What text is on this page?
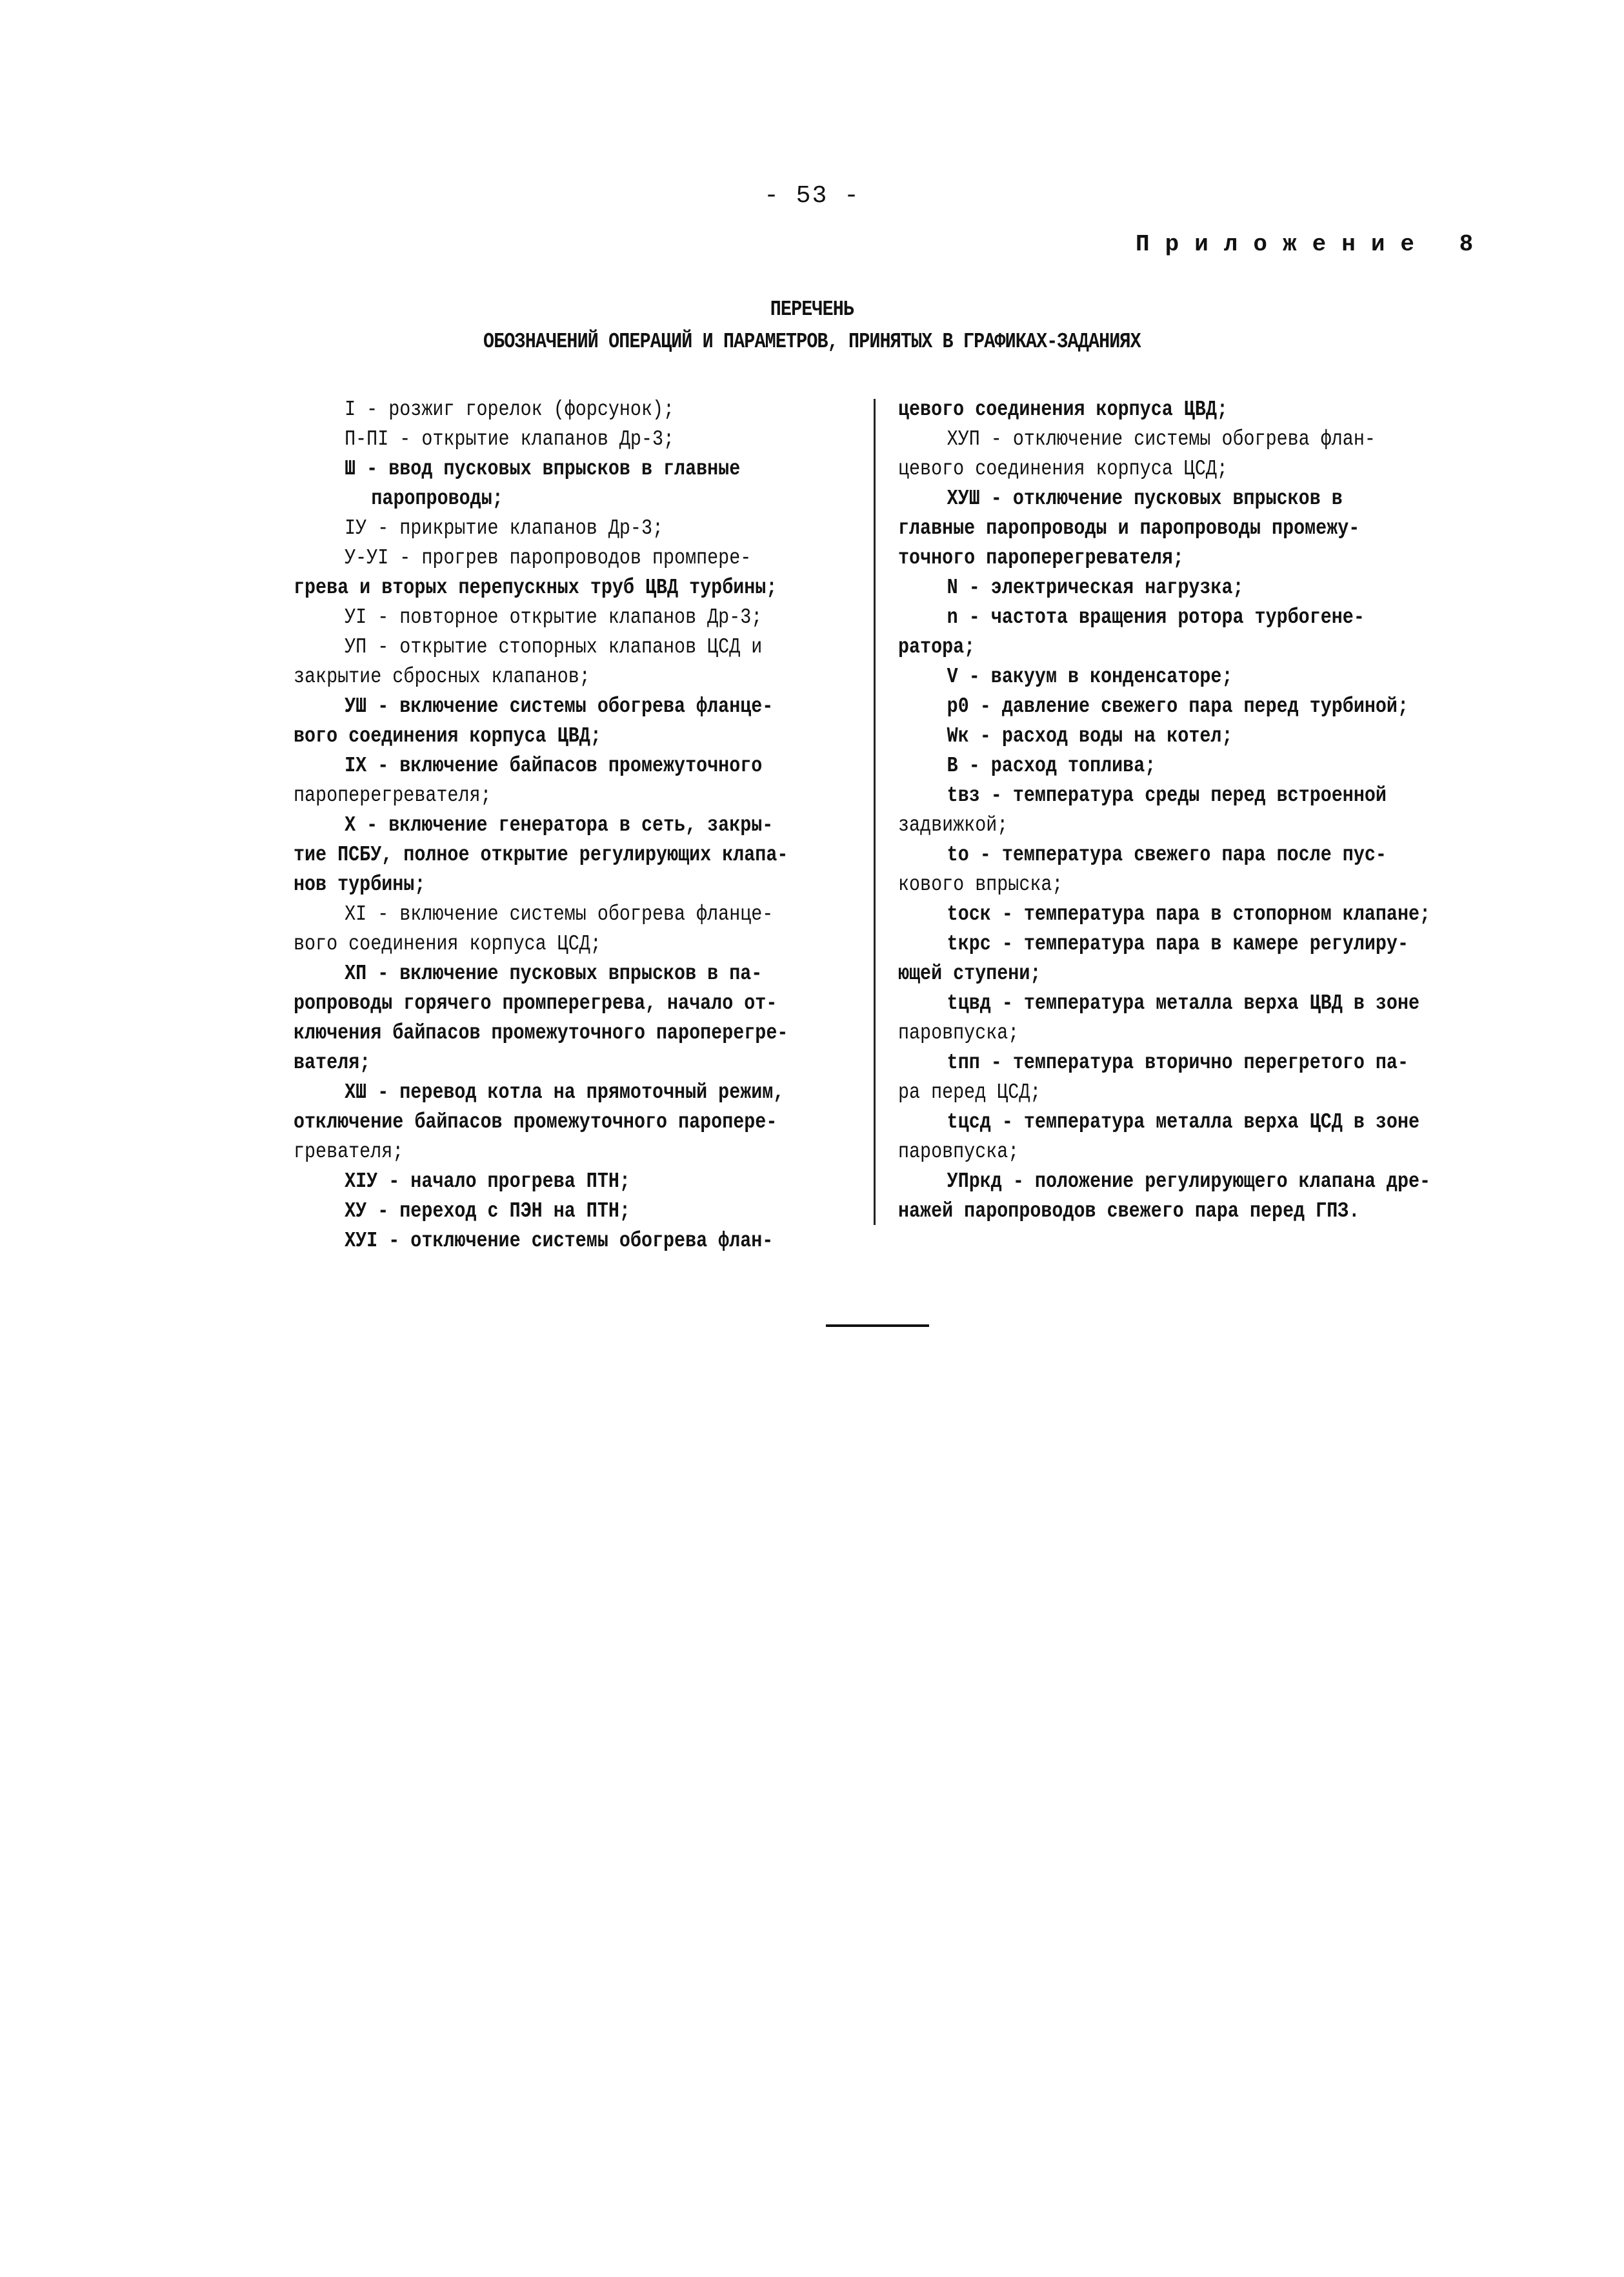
- 53 -
Приложение 8
ПЕРЕЧЕНЬ
ОБОЗНАЧЕНИЙ ОПЕРАЦИЙ И ПАРАМЕТРОВ, ПРИНЯТЫХ В ГРАФИКАХ-ЗАДАНИЯХ
I - розжиг горелок (форсунок);
П-ПI - открытие клапанов Др-3;
Ш - ввод пусковых впрысков в главные
паропроводы;
IУ - прикрытие клапанов Др-3;
У-УI - прогрев паропроводов промпере-
грева и вторых перепускных труб ЦВД турбины;
УI - повторное открытие клапанов Др-3;
УП - открытие стопорных клапанов ЦСД и
закрытие сбросных клапанов;
УШ - включение системы обогрева фланце-
вого соединения корпуса ЦВД;
IX - включение байпасов промежуточного
пароперегревателя;
X - включение генератора в сеть, закры-
тие ПСБУ, полное открытие регулирующих клапа-
нов турбины;
XI - включение системы обогрева фланце-
вого соединения корпуса ЦСД;
XП - включение пусковых впрысков в па-
ропроводы горячего промперегрева, начало от-
ключения байпасов промежуточного пароперегре-
вателя;
XШ - перевод котла на прямоточный режим,
отключение байпасов промежуточного паропере-
гревателя;
XIУ - начало прогрева ПТН;
XУ - переход с ПЭН на ПТН;
XУI - отключение системы обогрева флан-
цевого соединения корпуса ЦВД;
XУП - отключение системы обогрева флан-
цевого соединения корпуса ЦСД;
XУШ - отключение пусковых впрысков в
главные паропроводы и паропроводы промежу-
точного пароперегревателя;
N - электрическая нагрузка;
n - частота вращения ротора турбогене-
ратора;
V - вакуум в конденсаторе;
p0 - давление свежего пара перед турбиной;
Wк - расход воды на котел;
B - расход топлива;
tвз - температура среды перед встроенной
задвижкой;
tо - температура свежего пара после пус-
кового впрыска;
tоск - температура пара в стопорном клапане;
tкрс - температура пара в камере регулиру-
ющей ступени;
tцвд - температура металла верха ЦВД в зоне
паровпуска;
tпп - температура вторично перегретого па-
ра перед ЦСД;
tцсд - температура металла верха ЦСД в зоне
паровпуска;
УПркд - положение регулирующего клапана дре-
нажей паропроводов свежего пара перед ГПЗ.
